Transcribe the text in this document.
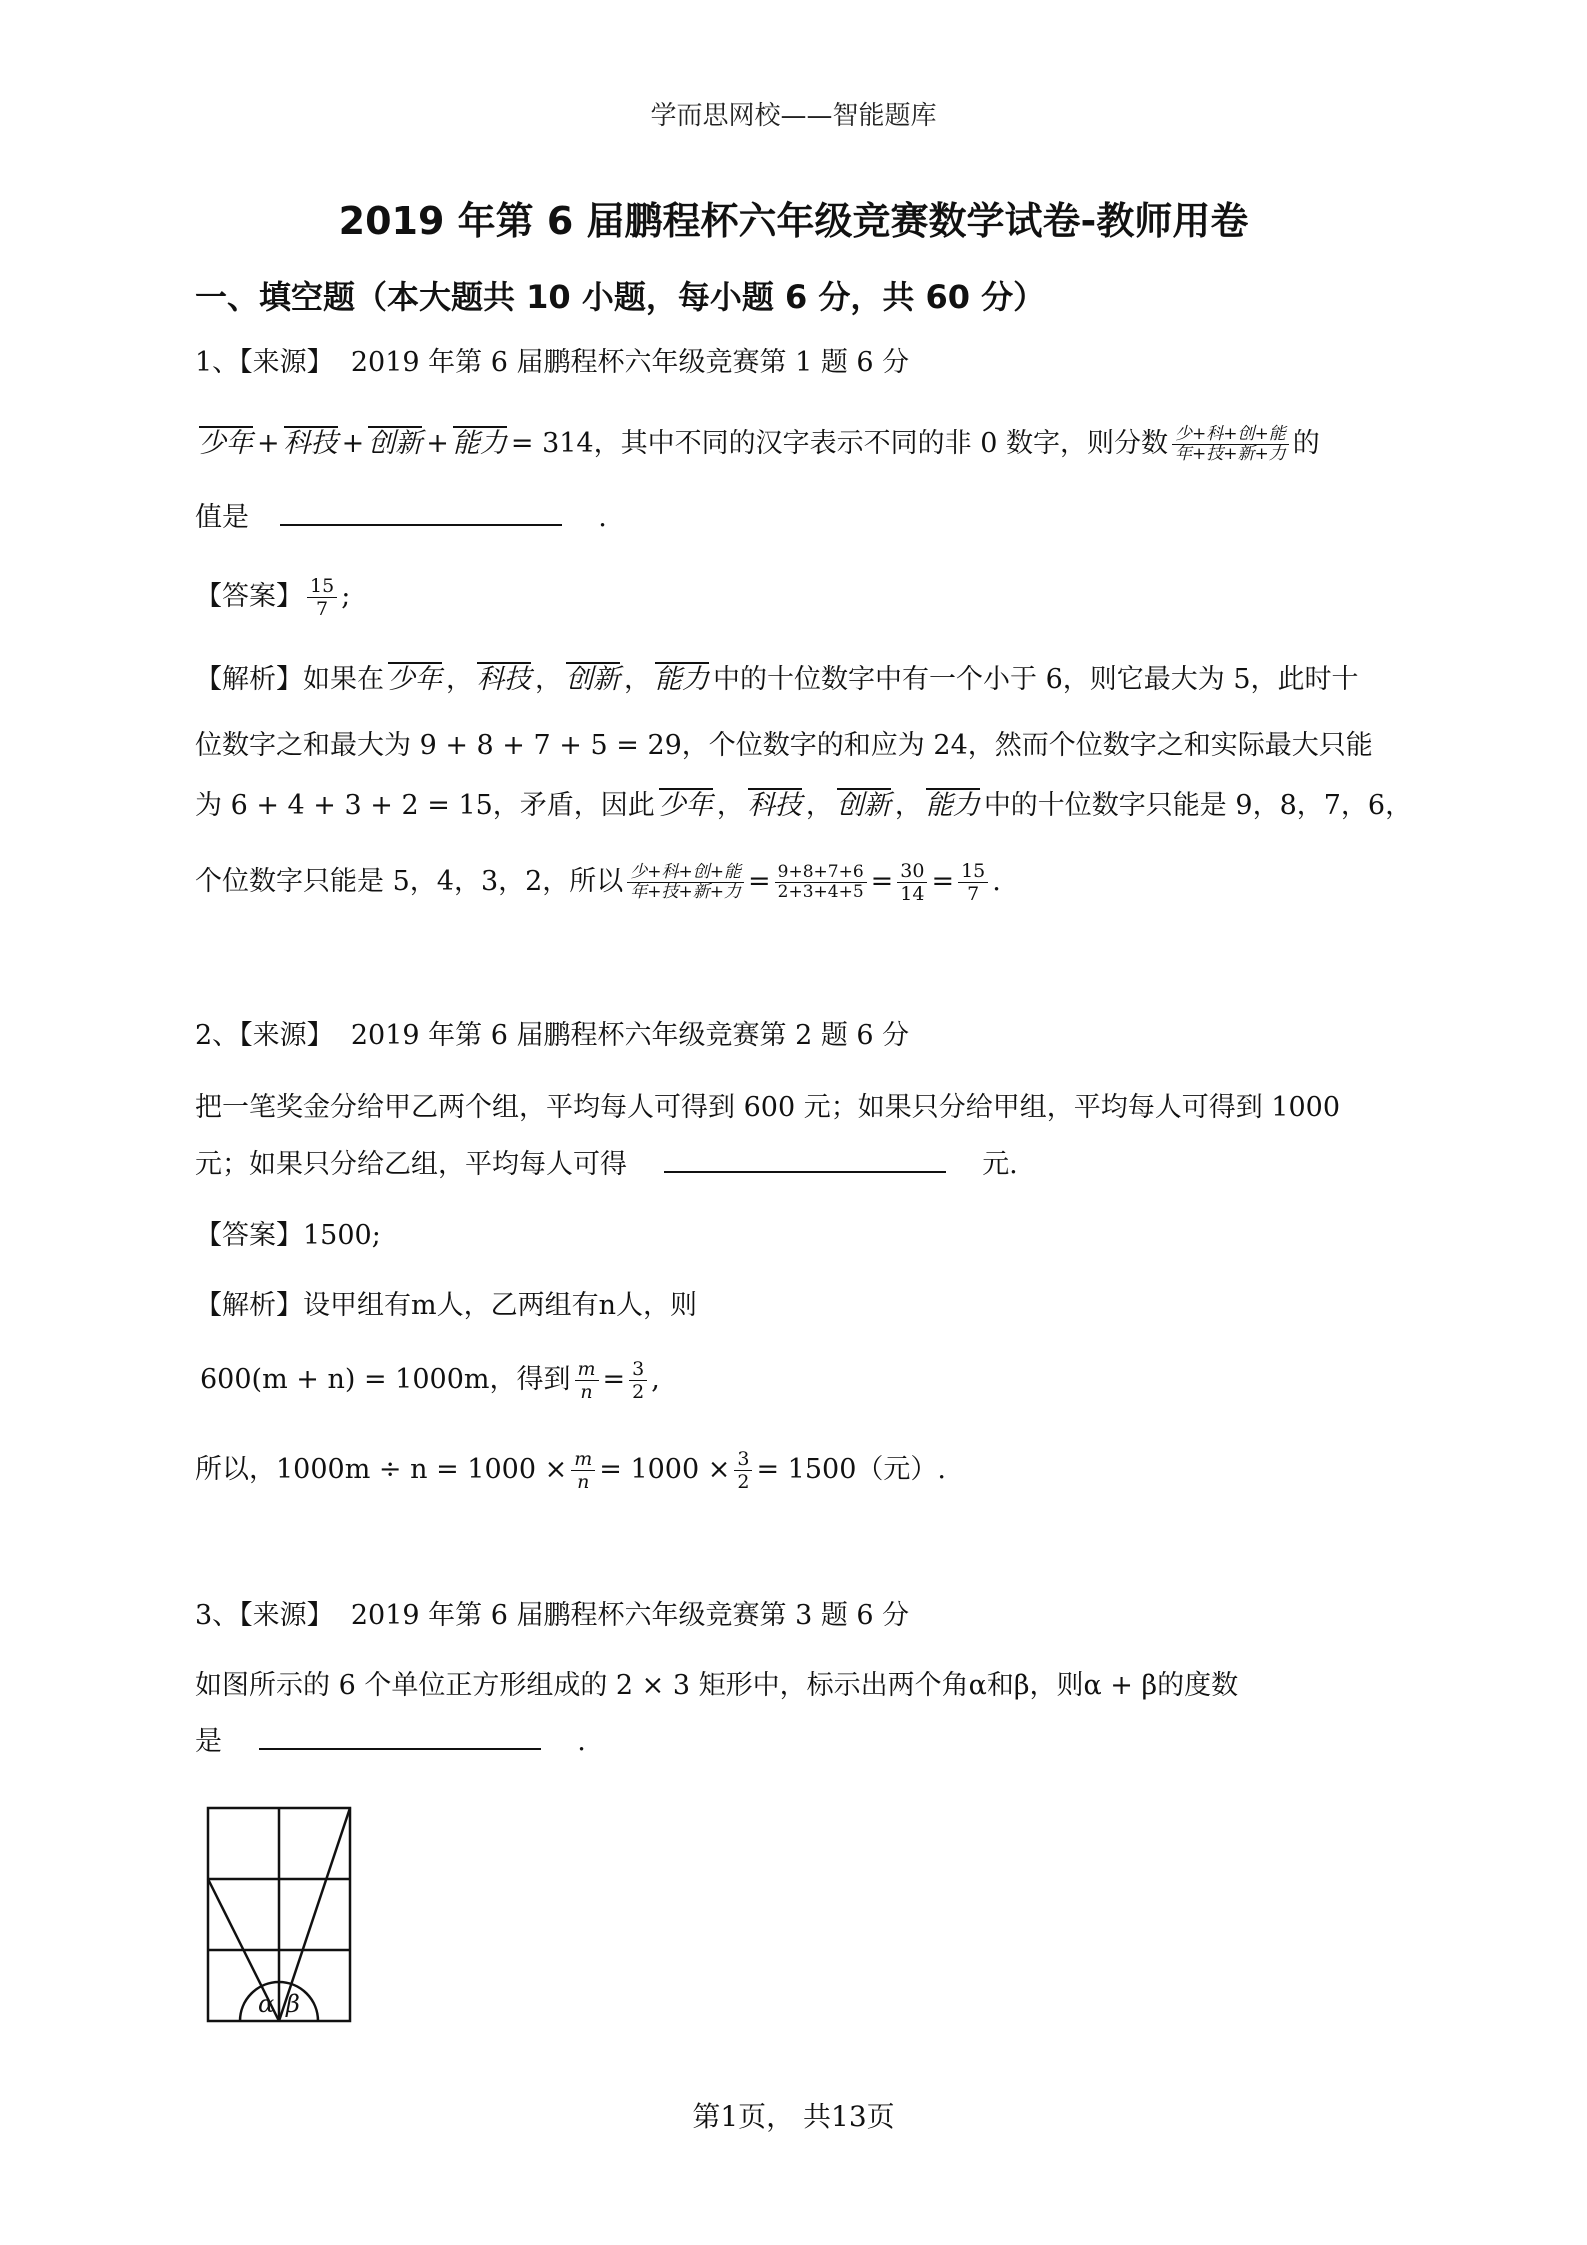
学而思网校——智能题库
2019 年第 6 届鹏程杯六年级竞赛数学试卷-教师用卷
一、填空题（本大题共 10 小题，每小题 6 分，共 60 分）
1、【来源】 2019 年第 6 届鹏程杯六年级竞赛第 1 题 6 分
少年 + 科技 + 创新 + 能力 = 314，其中不同的汉字表示不同的非 0 数字，则分数 $\frac{\text{少+科+创+能}}{\text{年+技+新+力}}$ 的
值是	.
【答案】 $\frac{15}{7}$ ;
【解析】如果在 少年 ， 科技 ， 创新 ， 能力 中的十位数字中有一个小于 6，则它最大为 5，此时十
位数字之和最大为 9 + 8 + 7 + 5 = 29，个位数字的和应为 24，然而个位数字之和实际最大只能
为 6 + 4 + 3 + 2 = 15，矛盾，因此 少年 ， 科技 ， 创新 ， 能力 中的十位数字只能是 9，8，7，6，
个位数字只能是 5，4，3，2，所以 $\frac{\text{少+科+创+能}}{\text{年+技+新+力}} = \frac{9+8+7+6}{2+3+4+5} = \frac{30}{14} = \frac{15}{7}$ .
2、【来源】 2019 年第 6 届鹏程杯六年级竞赛第 2 题 6 分
把一笔奖金分给甲乙两个组，平均每人可得到 600 元；如果只分给甲组，平均每人可得到 1000
元；如果只分给乙组，平均每人可得	元.
【答案】1500;
【解析】设甲组有m人，乙两组有n人，则
600(m + n) = 1000m，得到 $\frac{m}{n} = \frac{3}{2}$ ,
所以，$1000m \div n = 1000 \times \frac{m}{n} = 1000 \times \frac{3}{2} = 1500$（元）.
3、【来源】 2019 年第 6 届鹏程杯六年级竞赛第 3 题 6 分
如图所示的 6 个单位正方形组成的 2 × 3 矩形中，标示出两个角α和β，则α + β的度数
是	.
α β
第1页， 共13页
